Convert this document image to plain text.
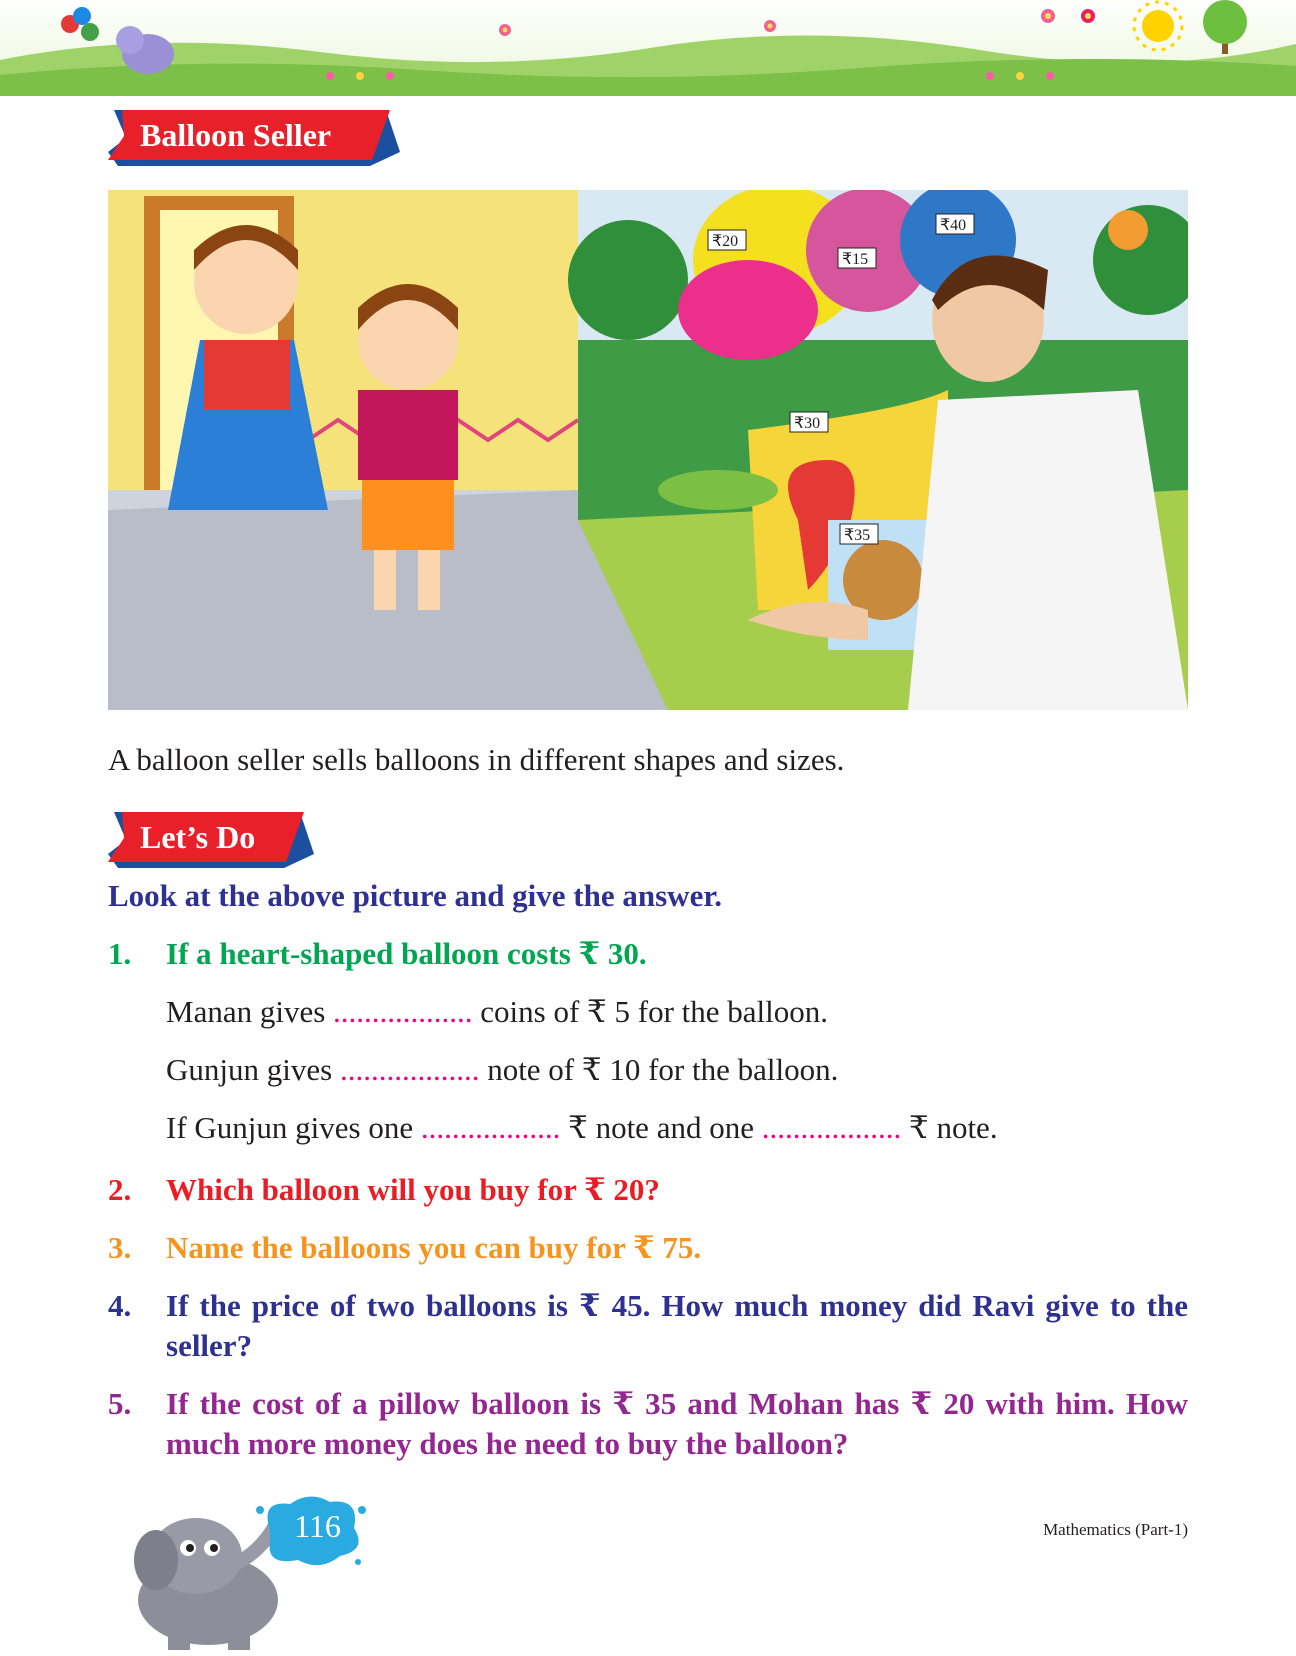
Balloon Seller
₹20
₹15
₹40
₹30
₹35
A balloon seller sells balloons in different shapes and sizes.
Let’s Do
Look at the above picture and give the answer.
1. If a heart-shaped balloon costs ₹ 30.
Manan gives .................. coins of ₹ 5 for the balloon.
Gunjun gives .................. note of ₹ 10 for the balloon.
If Gunjun gives one .................. ₹ note and one .................. ₹ note.
2. Which balloon will you buy for ₹ 20?
3. Name the balloons you can buy for ₹ 75.
4. If the price of two balloons is ₹ 45. How much money did Ravi give to the seller?
5. If the cost of a pillow balloon is ₹ 35 and Mohan has ₹ 20 with him. How much more money does he need to buy the balloon?
116	Mathematics (Part-1)
